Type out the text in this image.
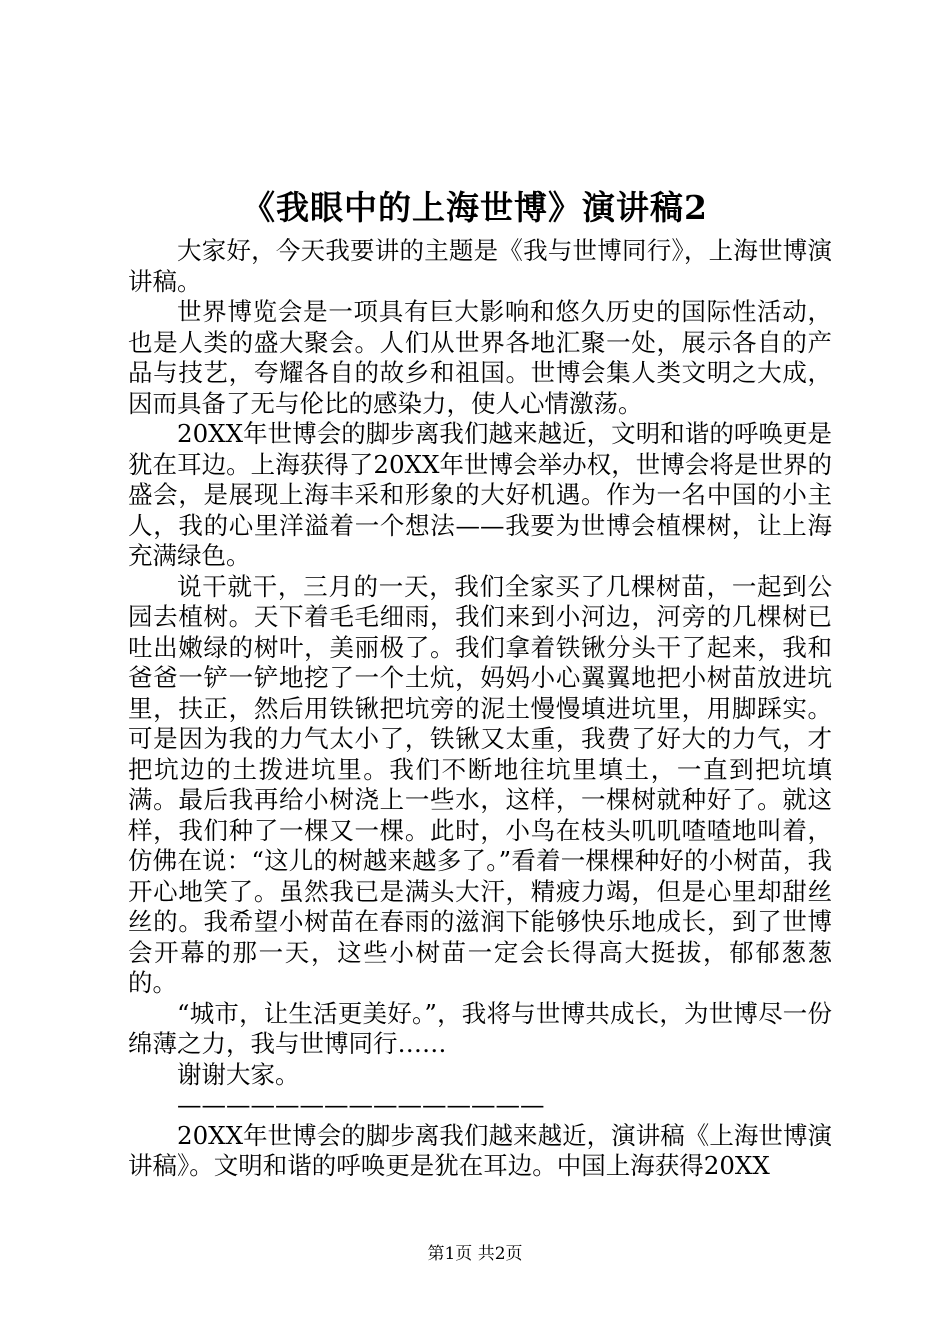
《我眼中的上海世博》演讲稿2

大家好，今天我要讲的主题是《我与世博同行》，上海世博演讲稿。

世界博览会是一项具有巨大影响和悠久历史的国际性活动，也是人类的盛大聚会。人们从世界各地汇聚一处，展示各自的产品与技艺，夸耀各自的故乡和祖国。世博会集人类文明之大成，因而具备了无与伦比的感染力，使人心情激荡。

20XX年世博会的脚步离我们越来越近，文明和谐的呼唤更是犹在耳边。上海获得了20XX年世博会举办权，世博会将是世界的盛会，是展现上海丰采和形象的大好机遇。作为一名中国的小主人，我的心里洋溢着一个想法——我要为世博会植棵树，让上海充满绿色。

说干就干，三月的一天，我们全家买了几棵树苗，一起到公园去植树。天下着毛毛细雨，我们来到小河边，河旁的几棵树已吐出嫩绿的树叶，美丽极了。我们拿着铁锹分头干了起来，我和爸爸一铲一铲地挖了一个土炕，妈妈小心翼翼地把小树苗放进坑里，扶正，然后用铁锹把坑旁的泥土慢慢填进坑里，用脚踩实。可是因为我的力气太小了，铁锹又太重，我费了好大的力气，才把坑边的土拨进坑里。我们不断地往坑里填土，一直到把坑填满。最后我再给小树浇上一些水，这样，一棵树就种好了。就这样，我们种了一棵又一棵。此时，小鸟在枝头叽叽喳喳地叫着，仿佛在说：“这儿的树越来越多了。”看着一棵棵种好的小树苗，我开心地笑了。虽然我已是满头大汗，精疲力竭，但是心里却甜丝丝的。我希望小树苗在春雨的滋润下能够快乐地成长，到了世博会开幕的那一天，这些小树苗一定会长得高大挺拔，郁郁葱葱的。

“城市，让生活更美好。”，我将与世博共成长，为世博尽一份绵薄之力，我与世博同行……

谢谢大家。

———————————————

20XX年世博会的脚步离我们越来越近，演讲稿《上海世博演讲稿》。文明和谐的呼唤更是犹在耳边。中国上海获得20XX

第1页 共2页
